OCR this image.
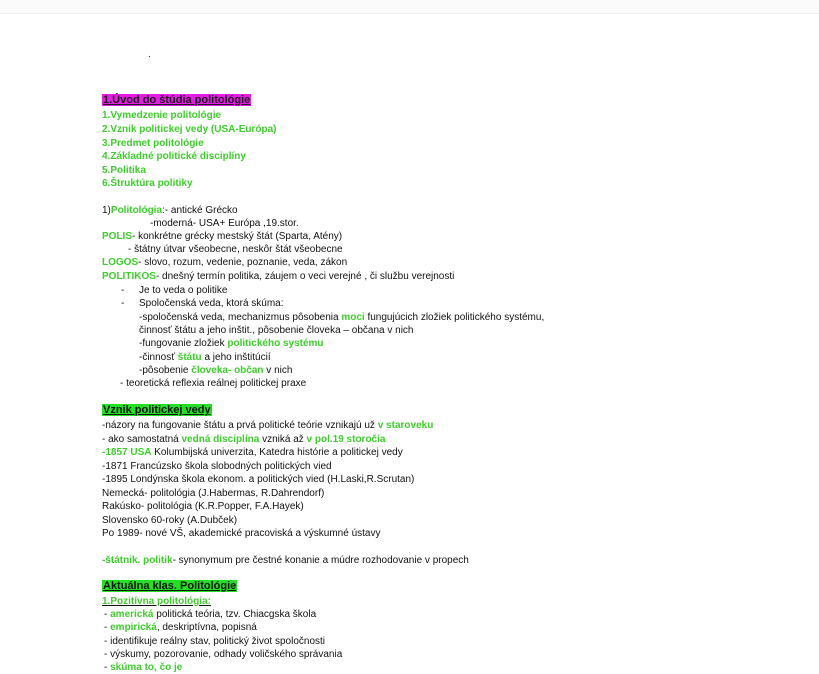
.
1.Úvod do štúdia politológie
1.Vymedzenie politológie
2.Vznik politickej vedy (USA-Európa)
3.Predmet politológie
4.Základné politické disciplíny
5.Politika
6.Štruktúra politiky
1)Politológia:- antické Grécko
-moderná- USA+ Európa ,19.stor.
POLIS- konkrétne grécky mestský štát (Sparta, Atény)
- štátny útvar všeobecne, neskôr štát všeobecne
LOGOS- slovo, rozum, vedenie, poznanie, veda, zákon
POLITIKOS- dnešný termín politika, záujem o veci verejné , či službu verejnosti
- Je to veda o politike
- Spoločenská veda, ktorá skúma:
-spoločenská veda, mechanizmus pôsobenia moci fungujúcich zložiek politického systému,
činnosť štátu a jeho inštit., pôsobenie človeka – občana v nich
-fungovanie zložiek politického systému
-činnosť štátu a jeho inštitúcií
-pôsobenie človeka- občan v nich
- teoretická reflexia reálnej politickej praxe
Vznik politickej vedy
-názory na fungovanie štátu a prvá politické teórie vznikajú už v staroveku
- ako samostatná vedná disciplína vzniká až v pol.19 storočia
-1857 USA Kolumbijská univerzita, Katedra histórie a politickej vedy
-1871 Francúzsko škola slobodných politických vied
-1895 Londýnska škola ekonom. a politických vied (H.Laski,R.Scrutan)
Nemecká- politológia (J.Habermas, R.Dahrendorf)
Rakúsko- politológia (K.R.Popper, F.A.Hayek)
Slovensko 60-roky (A.Dubček)
Po 1989- nové VŠ, akademické pracoviská a výskumné ústavy
-štátnik. politik- synonymum pre čestné konanie a múdre rozhodovanie v propech
Aktuálna klas. Politológie
1.Pozitívna politológia:
- americká politická teória, tzv. Chiacgska škola
- empirická, deskriptívna, popisná
- identifikuje reálny stav, politický život spoločnosti
- výskumy, pozorovanie, odhady voličského správania
- skúma to, čo je
